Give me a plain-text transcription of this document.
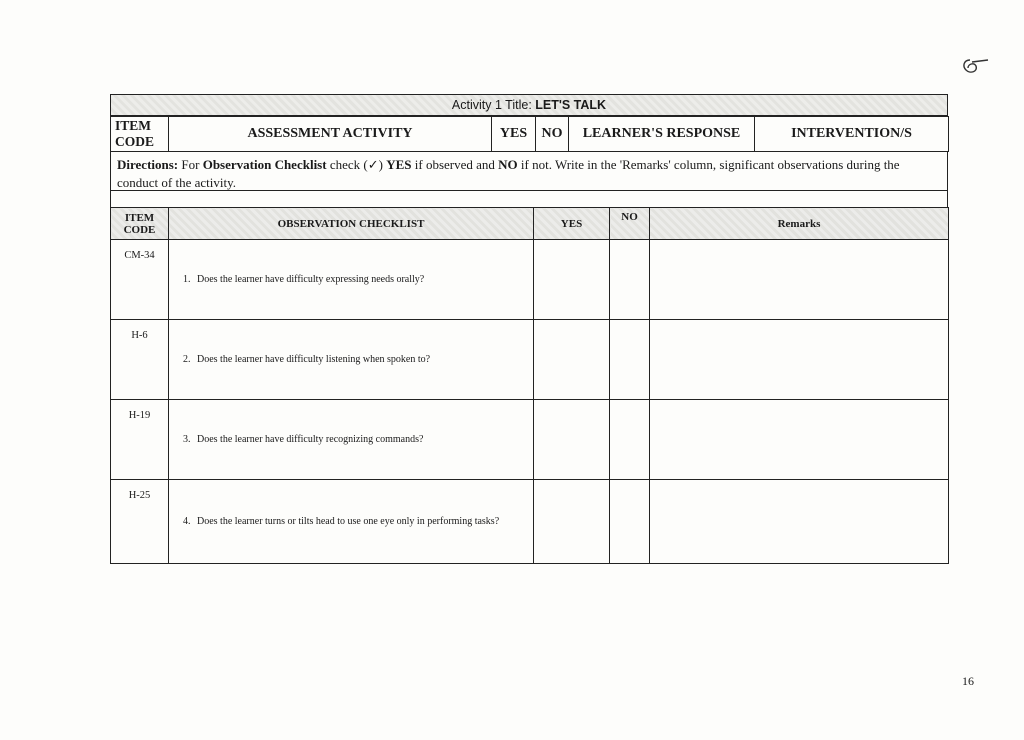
Activity 1 Title: LET'S TALK
ITEM CODE	ASSESSMENT ACTIVITY	YES	NO	LEARNER'S RESPONSE	INTERVENTION/S
Directions: For Observation Checklist check (✓) YES if observed and NO if not. Write in the 'Remarks' column, significant observations during the conduct of the activity.
ITEM CODE	OBSERVATION CHECKLIST	YES	NO	Remarks
CM-34	1. Does the learner have difficulty expressing needs orally?			
H-6	2. Does the learner have difficulty listening when spoken to?			
H-19	3. Does the learner have difficulty recognizing commands?			
H-25	4. Does the learner turns or tilts head to use one eye only in performing tasks?			
16
